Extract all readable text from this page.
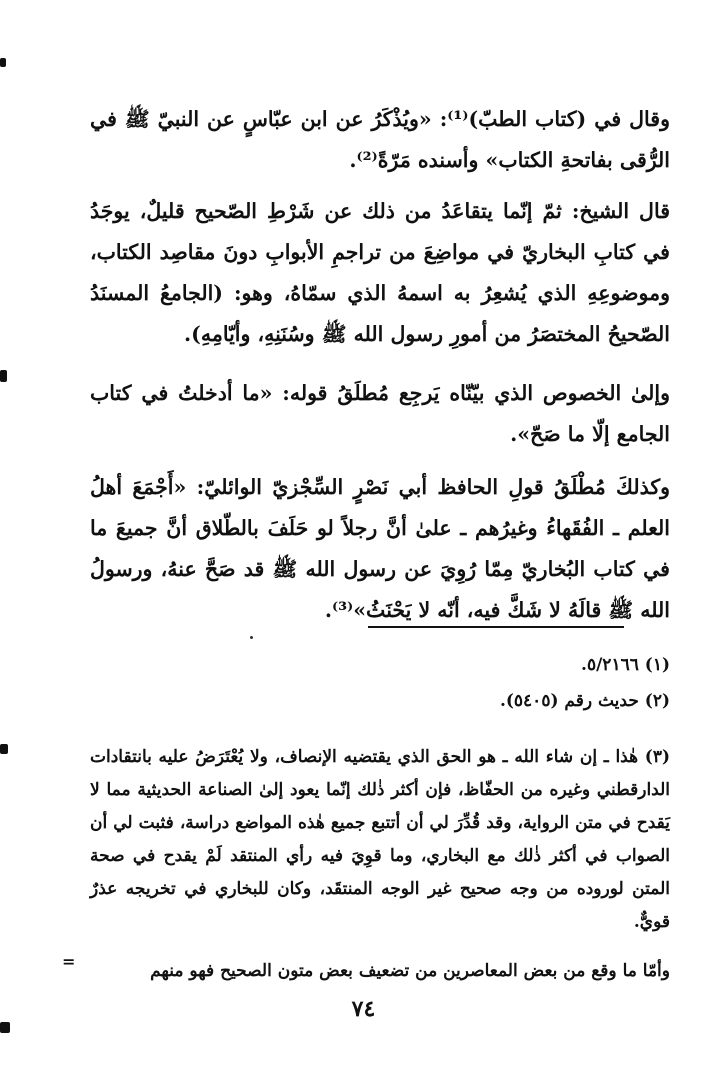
وقال في (كتاب الطبّ)⁽¹⁾: «ويُذْكَرُ عن ابن عبّاسٍ عن النبيّ ﷺ في الرُّقى بفاتحةِ الكتاب» وأسنده مَرّةً⁽²⁾.

قال الشيخ: ثمّ إنّما يتقاعَدُ من ذلك عن شَرْطِ الصّحيح قليلٌ، يوجَدُ في كتابِ البخاريّ في مواضِعَ من تراجمِ الأبوابِ دونَ مقاصِد الكتاب، وموضوعِهِ الذي يُشعِرُ به اسمهُ الذي سمّاهُ، وهو: (الجامعُ المسنَدُ الصّحيحُ المختصَرُ من أمورِ رسول الله ﷺ وسُنَنِهِ، وأيّامِهِ).

وإلىٰ الخصوص الذي بيّنّاه يَرجِع مُطلَقُ قوله: «ما أدخلتُ في كتاب الجامع إلّا ما صَحّ».

وكذلكَ مُطْلَقُ قولِ الحافظ أبي نَصْرٍ السِّجْزيّ الوائليّ: «أَجْمَعَ أهلُ العلم ـ الفُقَهاءُ وغيرُهم ـ علىٰ أنَّ رجلاً لو حَلَفَ بالطّلاق أنَّ جميعَ ما في كتاب البُخاريّ مِمّا رُوِيَ عن رسول الله ﷺ قد صَحَّ عنهُ، ورسولُ الله ﷺ قالَهُ لا شَكَّ فيه، أنّه لا يَحْنَثُ»⁽³⁾.

(١) ٥/٢١٦٦.

(٢) حديث رقم (٥٤٠٥).

(٣) هٰذا ـ إن شاء الله ـ هو الحق الذي يقتضيه الإنصاف، ولا يُعْتَرَضُ عليه بانتقادات الدارقطني وغيره من الحفّاظ، فإن أكثر ذٰلك إنّما يعود إلىٰ الصناعة الحديثية مما لا يَقدح في متن الرواية، وقد قُدِّرَ لي أن أتتبع جميع هٰذه المواضع دراسة، فثبت لي أن الصواب في أكثر ذٰلك مع البخاري، وما قوِيَ فيه رأي المنتقد لَمْ يقدح في صحة المتن لوروده من وجه صحيح غير الوجه المنتقَد، وكان للبخاري في تخريجه عذرٌ قويٌّ.

وأمّا ما وقع من بعض المعاصرين من تضعيف بعض متون الصحيح فهو منهم

=
٧٤
